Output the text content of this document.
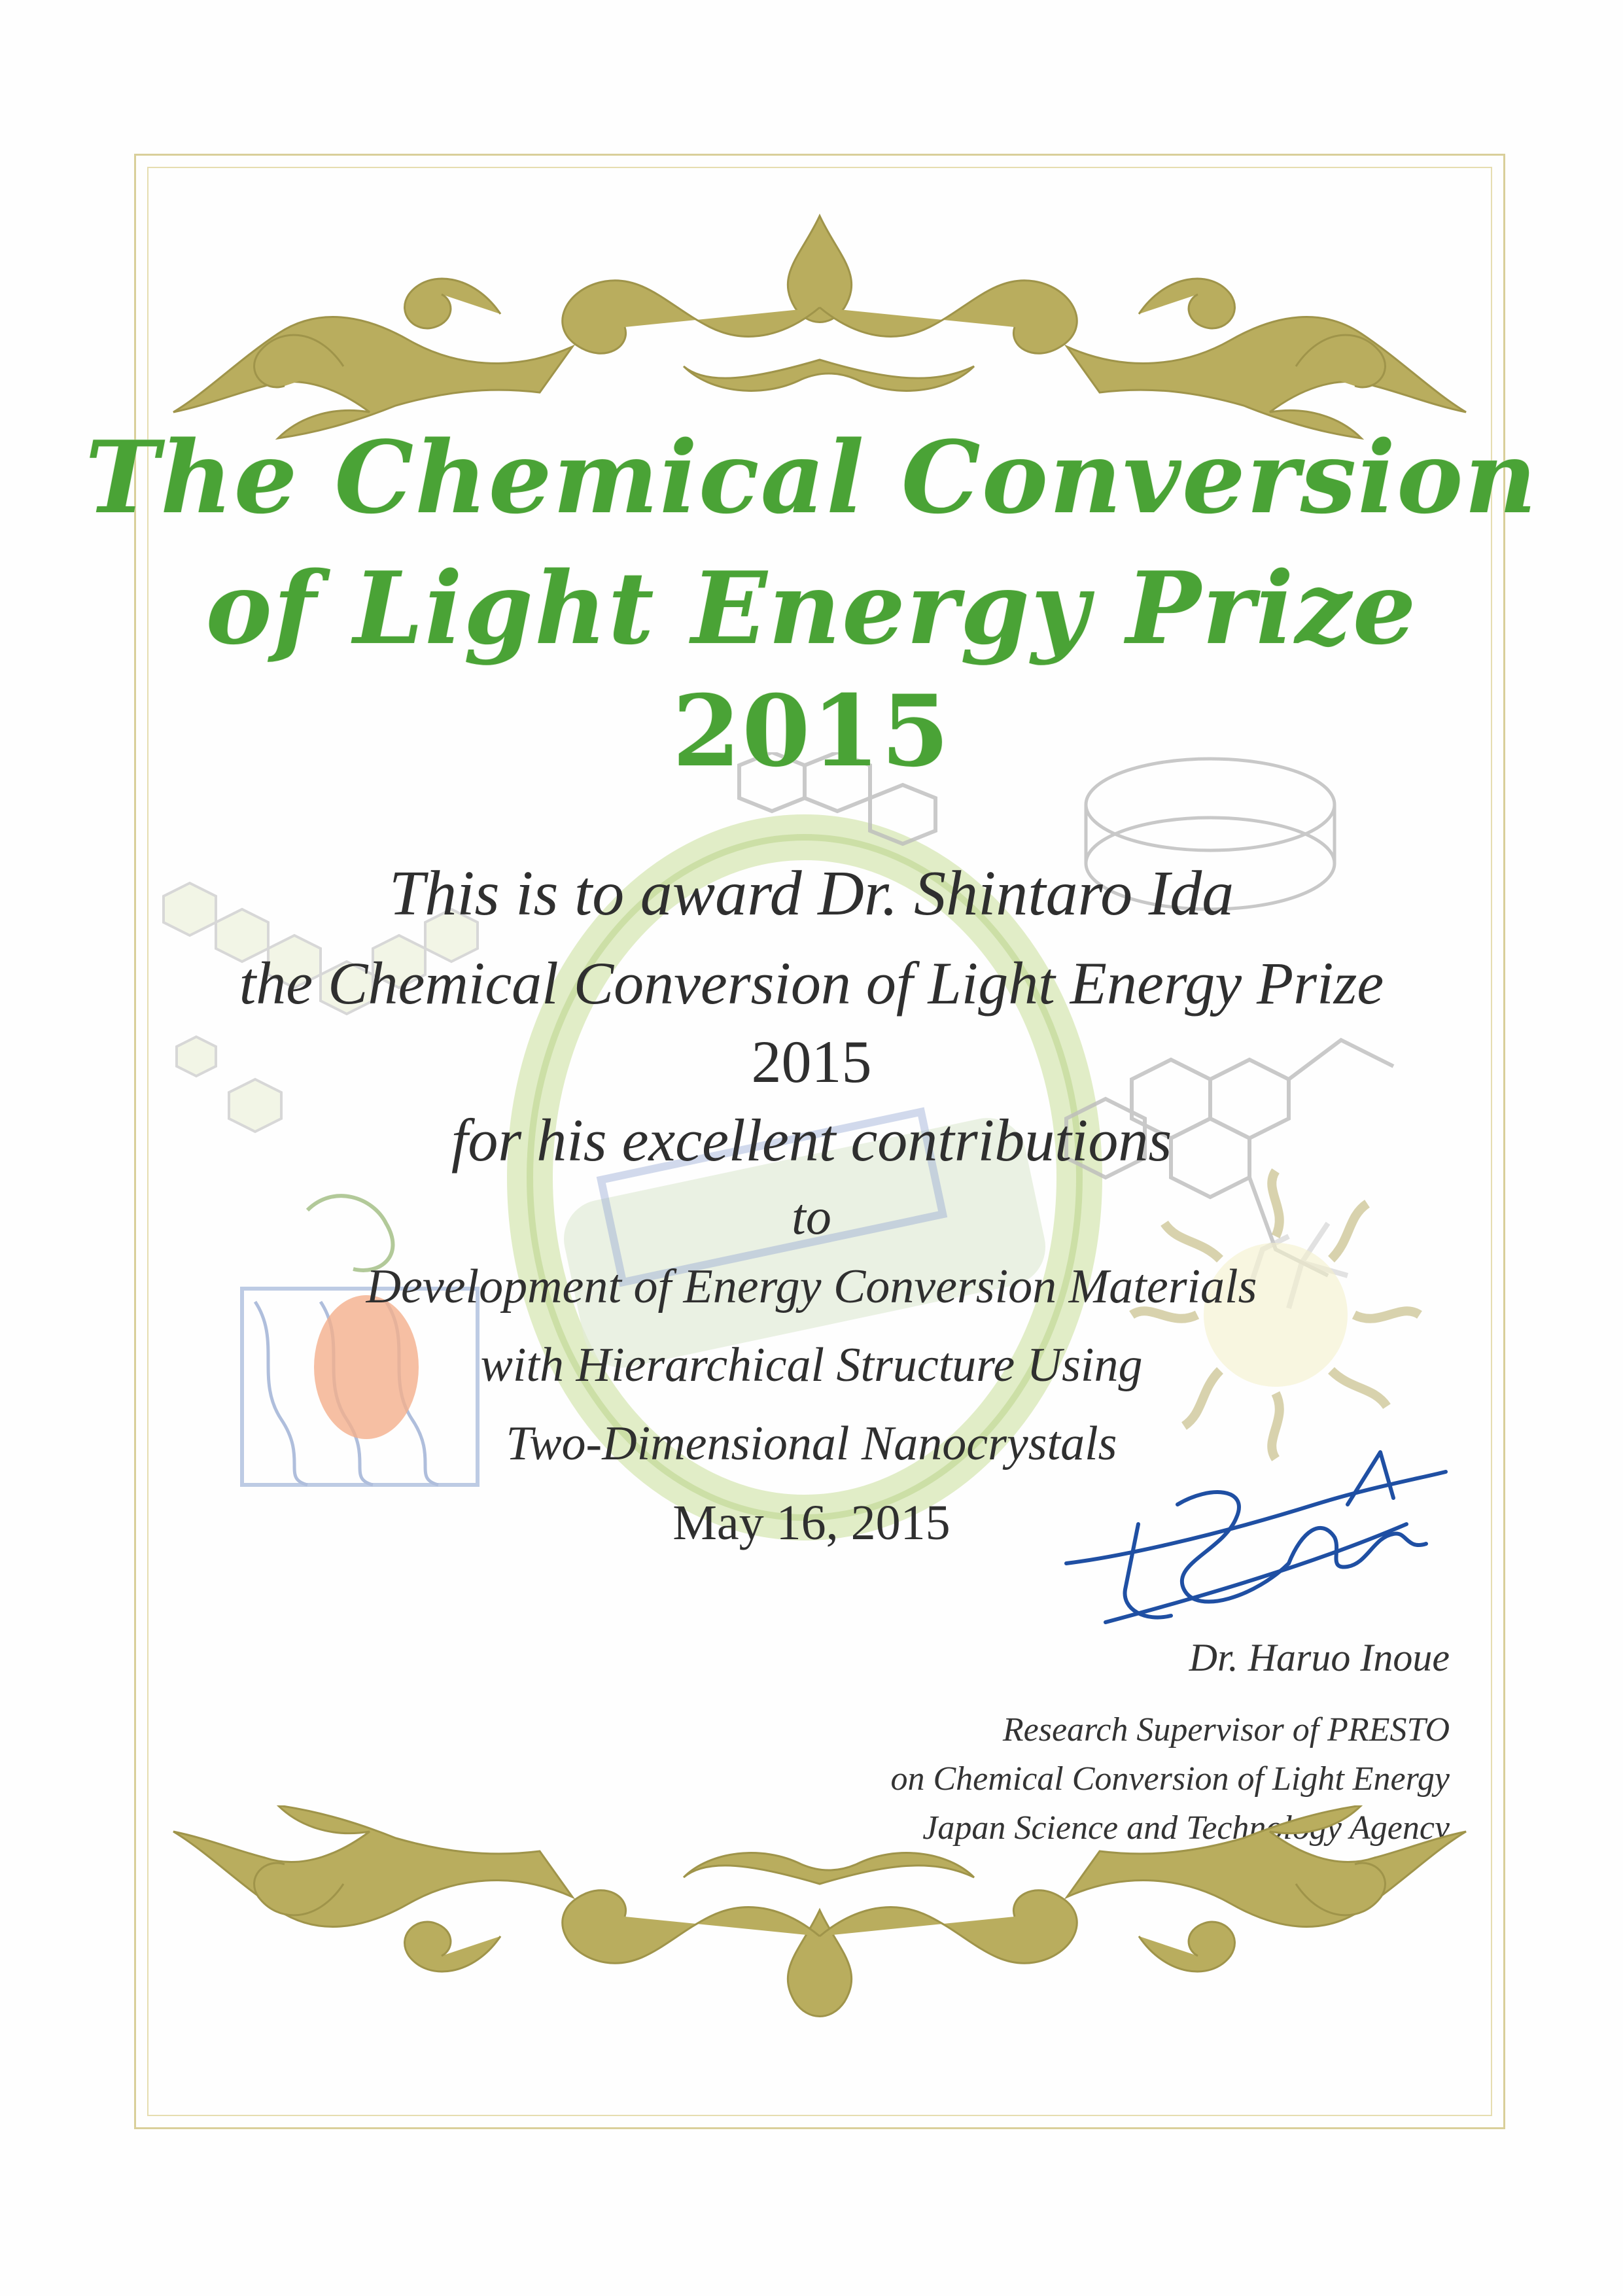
The Chemical Conversion
of Light Energy Prize
2015
This is to award Dr. Shintaro Ida
the Chemical Conversion of Light Energy Prize
2015
for his excellent contributions
to
Development of Energy Conversion Materials
with Hierarchical Structure Using
Two-Dimensional Nanocrystals
May 16, 2015
Dr. Haruo Inoue
Research Supervisor of PRESTO
on Chemical Conversion of Light Energy
Japan Science and Technology Agency
